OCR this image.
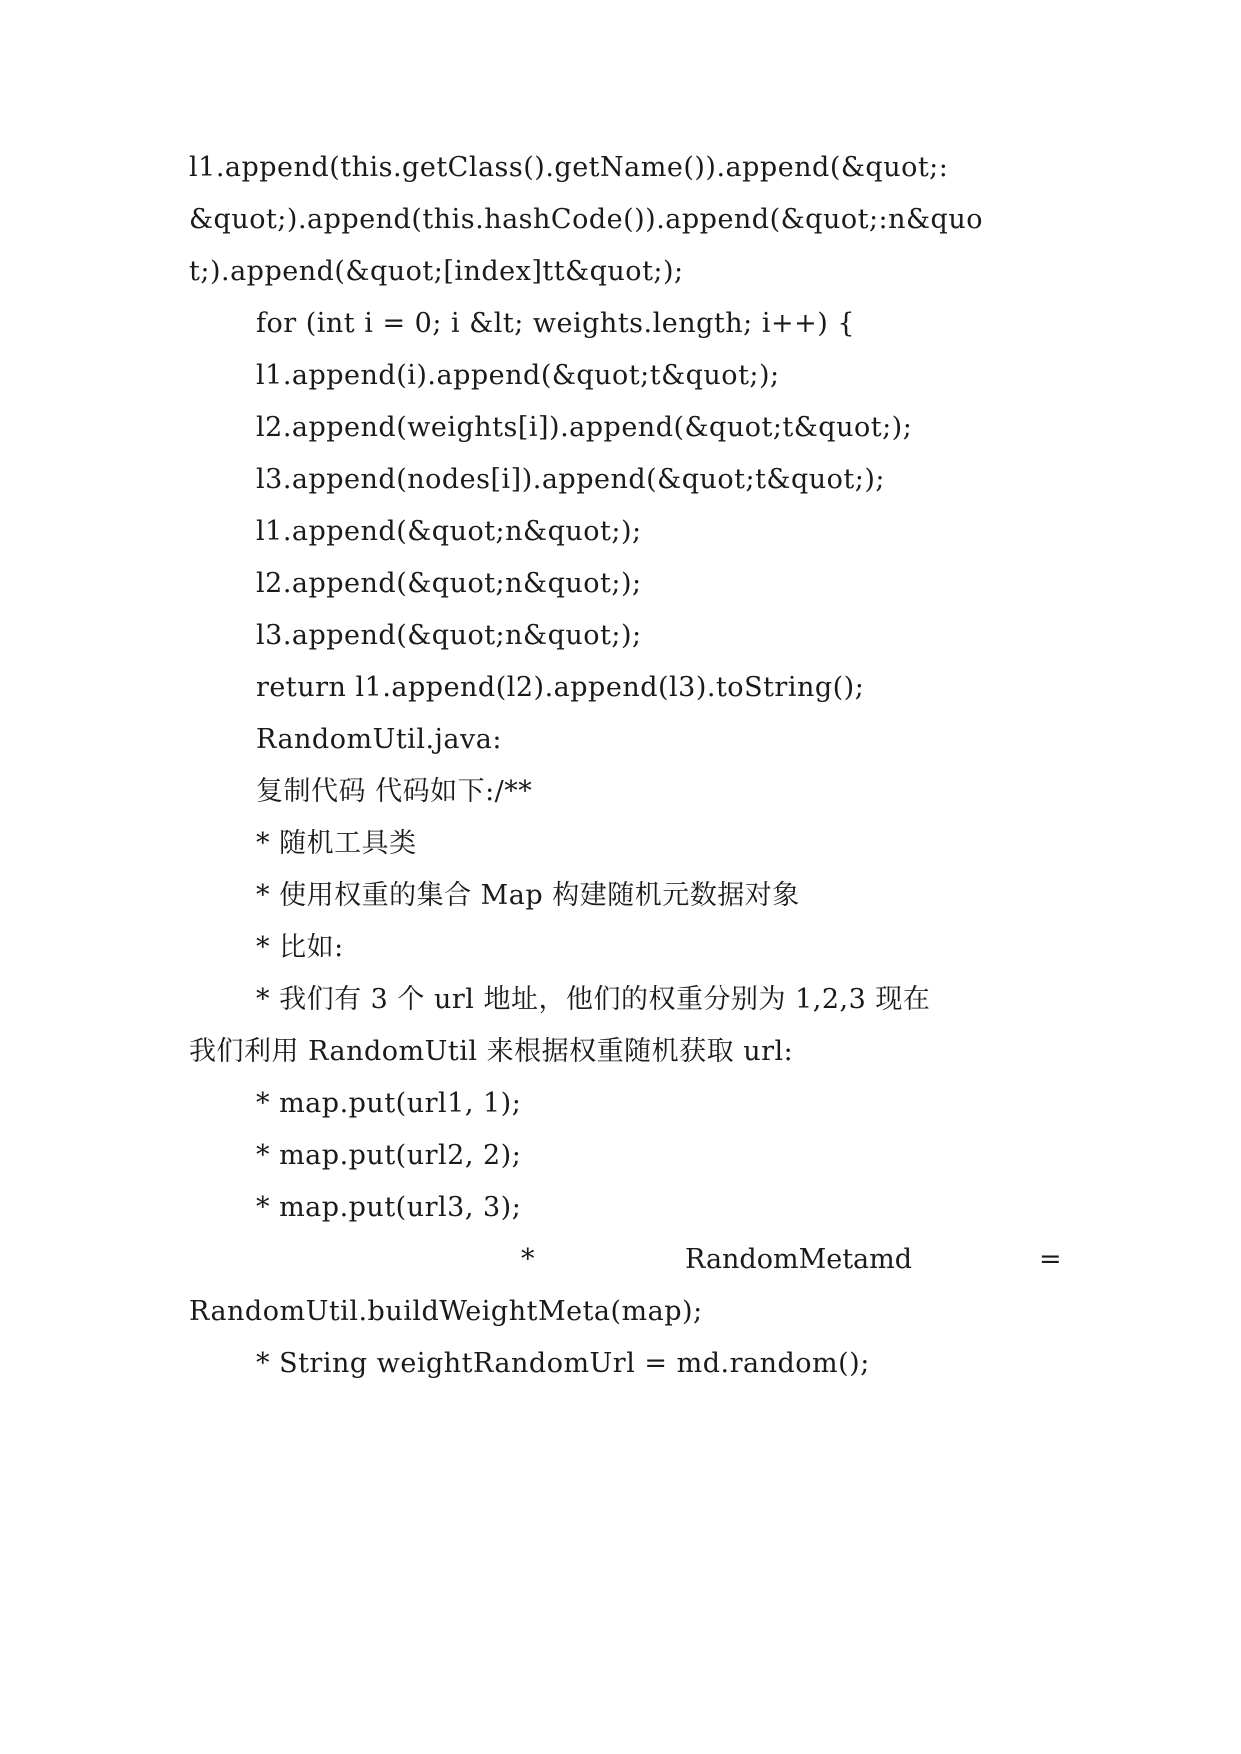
l1.append(this.getClass().getName()).append(&quot;:
&quot;).append(this.hashCode()).append(&quot;:n&quo
t;).append(&quot;[index]tt&quot;);
for (int i = 0; i &lt; weights.length; i++) {
l1.append(i).append(&quot;t&quot;);
l2.append(weights[i]).append(&quot;t&quot;);
l3.append(nodes[i]).append(&quot;t&quot;);
l1.append(&quot;n&quot;);
l2.append(&quot;n&quot;);
l3.append(&quot;n&quot;);
return l1.append(l2).append(l3).toString();
RandomUtil.java:
复制代码 代码如下:/**
* 随机工具类
* 使用权重的集合 Map 构建随机元数据对象
* 比如:
* 我们有 3 个 url 地址，他们的权重分别为 1,2,3 现在
我们利用 RandomUtil 来根据权重随机获取 url:
* map.put(url1, 1);
* map.put(url2, 2);
* map.put(url3, 3);
*	RandomMetamd	=
RandomUtil.buildWeightMeta(map);
* String weightRandomUrl = md.random();
